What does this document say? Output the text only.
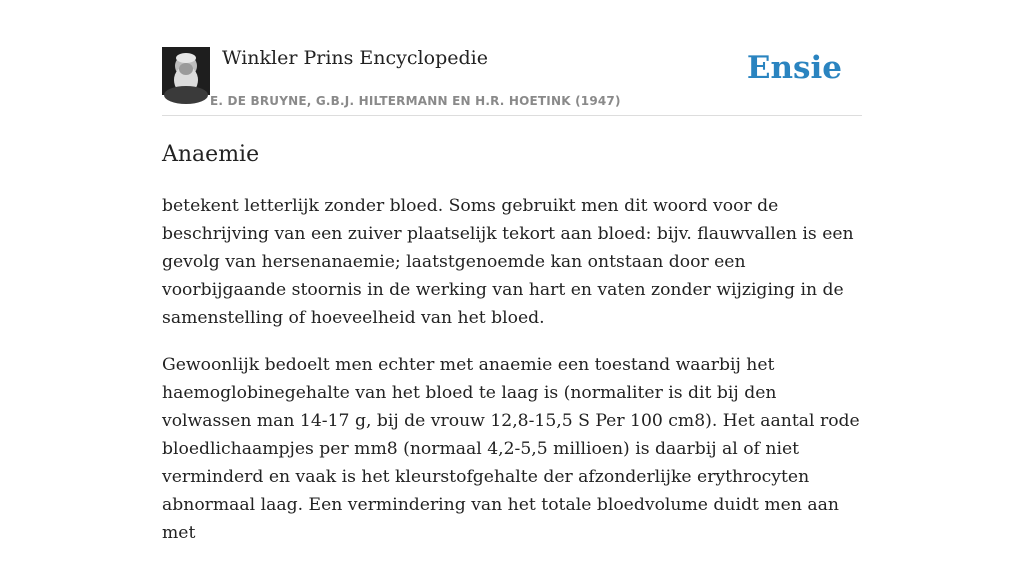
Winkler Prins Encyclopedie
E. DE BRUYNE, G.B.J. HILTERMANN EN H.R. HOETINK (1947)
Ensie
Anaemie

betekent letterlijk zonder bloed. Soms gebruikt men dit woord voor de beschrijving van een zuiver plaatselijk tekort aan bloed: bijv. flauwvallen is een gevolg van hersenanaemie; laatstgenoemde kan ontstaan door een voorbijgaande stoornis in de werking van hart en vaten zonder wijziging in de samenstelling of hoeveelheid van het bloed.

Gewoonlijk bedoelt men echter met anaemie een toestand waarbij het haemoglobinegehalte van het bloed te laag is (normaliter is dit bij den volwassen man 14-17 g, bij de vrouw 12,8-15,5 S Per 100 cm8). Het aantal rode bloedlichaampjes per mm8 (normaal 4,2-5,5 millioen) is daarbij al of niet verminderd en vaak is het kleurstofgehalte der afzonderlijke erythrocyten abnormaal laag. Een vermindering van het totale bloedvolume duidt men aan met
